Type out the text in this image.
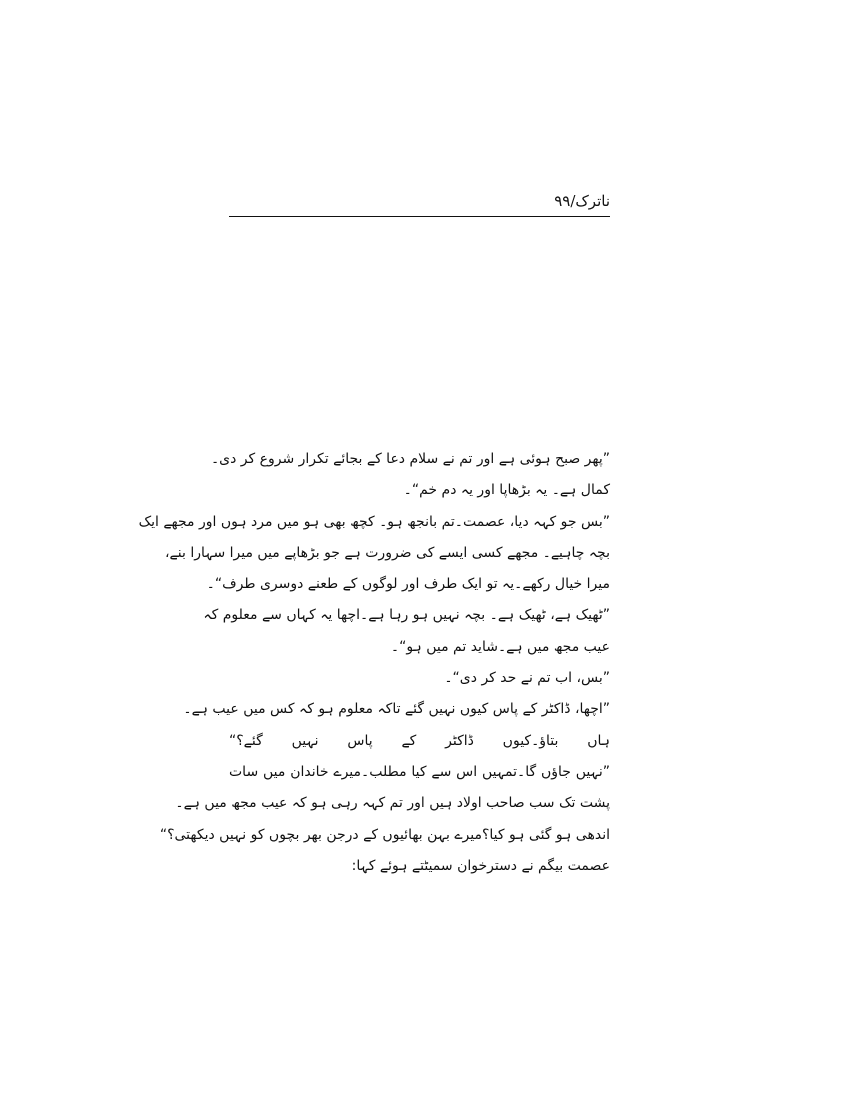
ناترک/۹۹
”پھر صبح ہوئی ہے اور تم نے سلام دعا کے بجائے تکرار شروع کر دی۔
کمال ہے۔ یہ بڑھاپا اور یہ دم خم“۔
”بس جو کہہ دیا، عصمت۔تم بانجھ ہو۔ کچھ بھی ہو میں مرد ہوں اور مجھے ایک
بچہ چاہیے۔ مجھے کسی ایسے کی ضرورت ہے جو بڑھاپے میں میرا سہارا بنے،
میرا خیال رکھے۔یہ تو ایک طرف اور لوگوں کے طعنے دوسری طرف“۔
”ٹھیک ہے، ٹھیک ہے۔ بچہ نہیں ہو رہا ہے۔اچھا یہ کہاں سے معلوم کہ
عیب مجھ میں ہے۔شاید تم میں ہو“۔
”بس، اب تم نے حد کر دی“۔
”اچھا، ڈاکٹر کے پاس کیوں نہیں گئے تاکہ معلوم ہو کہ کس میں عیب ہے۔
ہاں بتاؤ۔کیوں ڈاکٹر کے پاس نہیں گئے؟“
”نہیں جاؤں گا۔تمہیں اس سے کیا مطلب۔میرے خاندان میں سات
پشت تک سب صاحب اولاد ہیں اور تم کہہ رہی ہو کہ عیب مجھ میں ہے۔
اندھی ہو گئی ہو کیا؟میرے بہن بھائیوں کے درجن بھر بچوں کو نہیں دیکھتی؟“
عصمت بیگم نے دسترخوان سمیٹتے ہوئے کہا:
